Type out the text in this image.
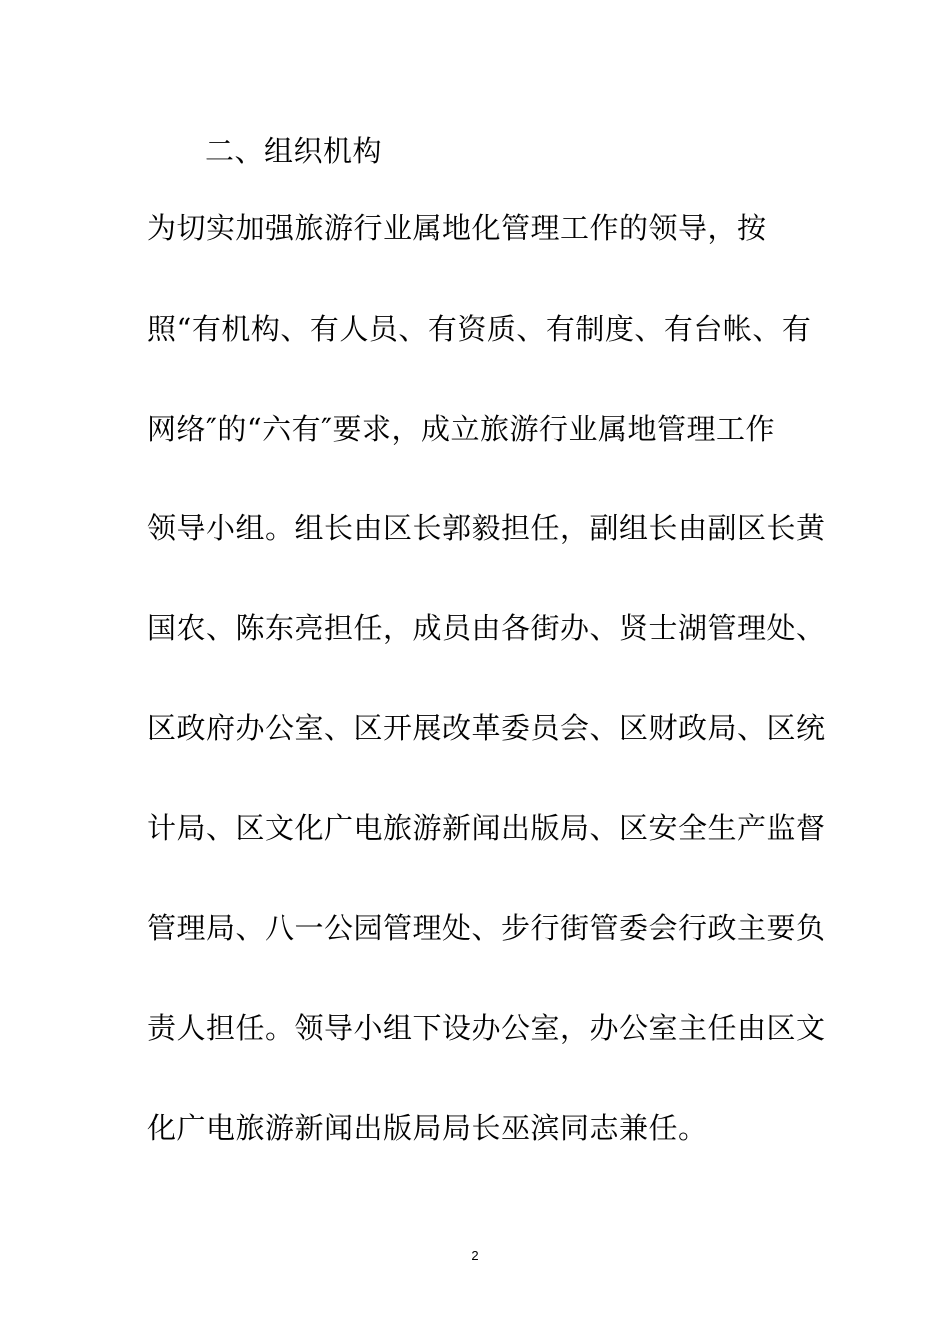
二、组织机构
为切实加强旅游行业属地化管理工作的领导，按
照“有机构、有人员、有资质、有制度、有台帐、有
网络″的“六有″要求，成立旅游行业属地管理工作
领导小组。组长由区长郭毅担任，副组长由副区长黄
国农、陈东亮担任，成员由各街办、贤士湖管理处、
区政府办公室、区开展改革委员会、区财政局、区统
计局、区文化广电旅游新闻出版局、区安全生产监督
管理局、八一公园管理处、步行街管委会行政主要负
责人担任。领导小组下设办公室，办公室主任由区文
化广电旅游新闻出版局局长巫滨同志兼任。
2
